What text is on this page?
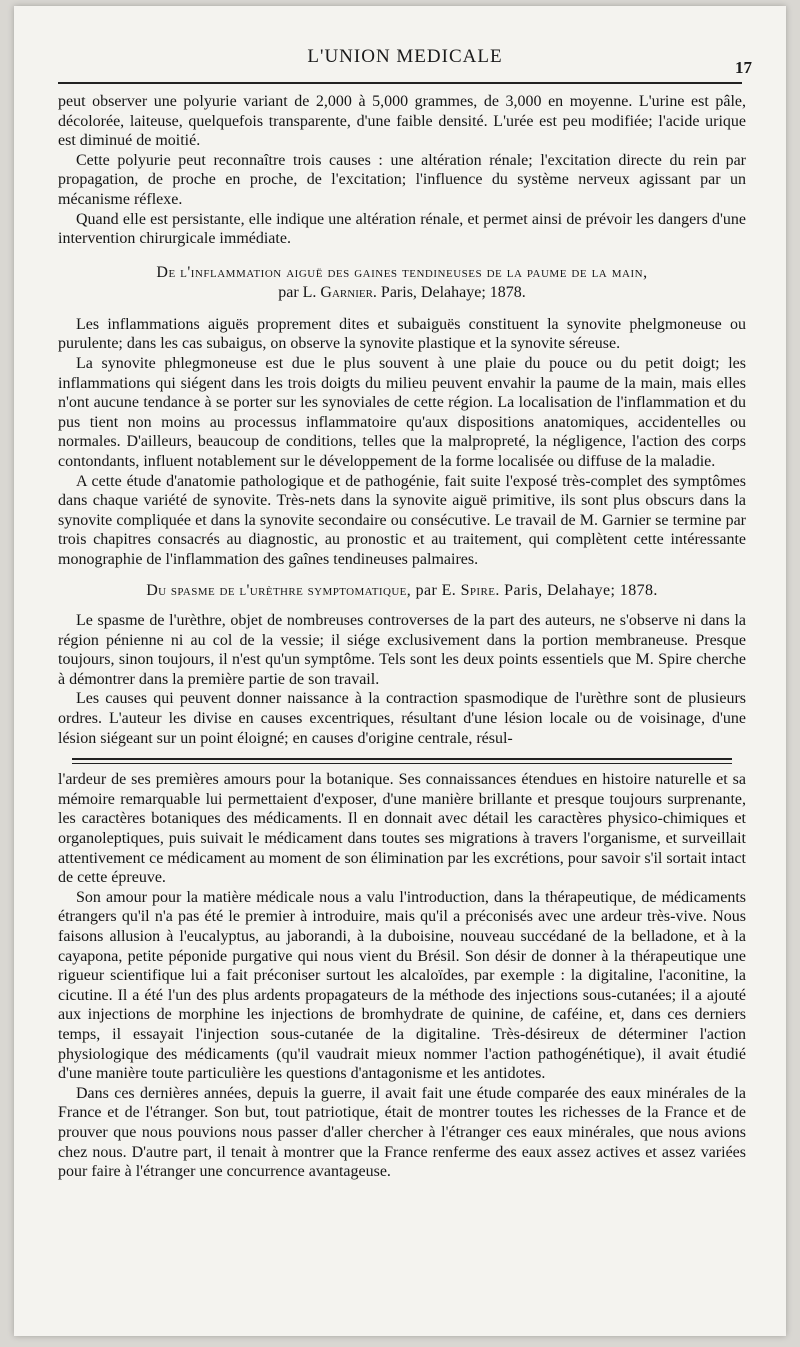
L'UNION MEDICALE
17

peut observer une polyurie variant de 2,000 à 5,000 grammes, de 3,000 en moyenne. L'urine est pâle, décolorée, laiteuse, quelquefois transparente, d'une faible densité. L'urée est peu modifiée; l'acide urique est diminué de moitié.

Cette polyurie peut reconnaître trois causes : une altération rénale; l'excitation directe du rein par propagation, de proche en proche, de l'excitation; l'influence du système nerveux agissant par un mécanisme réflexe.

Quand elle est persistante, elle indique une altération rénale, et permet ainsi de prévoir les dangers d'une intervention chirurgicale immédiate.

De l'inflammation aiguë des gaines tendineuses de la paume de la main,
par L. Garnier. Paris, Delahaye; 1878.

Les inflammations aiguës proprement dites et subaiguës constituent la synovite phelgmoneuse ou purulente; dans les cas subaigus, on observe la synovite plastique et la synovite séreuse.

La synovite phlegmoneuse est due le plus souvent à une plaie du pouce ou du petit doigt; les inflammations qui siégent dans les trois doigts du milieu peuvent envahir la paume de la main, mais elles n'ont aucune tendance à se porter sur les synoviales de cette région. La localisation de l'inflammation et du pus tient non moins au processus inflammatoire qu'aux dispositions anatomiques, accidentelles ou normales. D'ailleurs, beaucoup de conditions, telles que la malpropreté, la négligence, l'action des corps contondants, influent notablement sur le développement de la forme localisée ou diffuse de la maladie.

A cette étude d'anatomie pathologique et de pathogénie, fait suite l'exposé très-complet des symptômes dans chaque variété de synovite. Très-nets dans la synovite aiguë primitive, ils sont plus obscurs dans la synovite compliquée et dans la synovite secondaire ou consécutive. Le travail de M. Garnier se termine par trois chapitres consacrés au diagnostic, au pronostic et au traitement, qui complètent cette intéressante monographie de l'inflammation des gaînes tendineuses palmaires.

Du spasme de l'urèthre symptomatique, par E. Spire. Paris, Delahaye; 1878.

Le spasme de l'urèthre, objet de nombreuses controverses de la part des auteurs, ne s'observe ni dans la région pénienne ni au col de la vessie; il siége exclusivement dans la portion membraneuse. Presque toujours, sinon toujours, il n'est qu'un symptôme. Tels sont les deux points essentiels que M. Spire cherche à démontrer dans la première partie de son travail.

Les causes qui peuvent donner naissance à la contraction spasmodique de l'urèthre sont de plusieurs ordres. L'auteur les divise en causes excentriques, résultant d'une lésion locale ou de voisinage, d'une lésion siégeant sur un point éloigné; en causes d'origine centrale, résul-

l'ardeur de ses premières amours pour la botanique. Ses connaissances étendues en histoire naturelle et sa mémoire remarquable lui permettaient d'exposer, d'une manière brillante et presque toujours surprenante, les caractères botaniques des médicaments. Il en donnait avec détail les caractères physico-chimiques et organoleptiques, puis suivait le médicament dans toutes ses migrations à travers l'organisme, et surveillait attentivement ce médicament au moment de son élimination par les excrétions, pour savoir s'il sortait intact de cette épreuve.

Son amour pour la matière médicale nous a valu l'introduction, dans la thérapeutique, de médicaments étrangers qu'il n'a pas été le premier à introduire, mais qu'il a préconisés avec une ardeur très-vive. Nous faisons allusion à l'eucalyptus, au jaborandi, à la duboisine, nouveau succédané de la belladone, et à la cayapona, petite péponide purgative qui nous vient du Brésil. Son désir de donner à la thérapeutique une rigueur scientifique lui a fait préconiser surtout les alcaloïdes, par exemple : la digitaline, l'aconitine, la cicutine. Il a été l'un des plus ardents propagateurs de la méthode des injections sous-cutanées; il a ajouté aux injections de morphine les injections de bromhydrate de quinine, de caféine, et, dans ces derniers temps, il essayait l'injection sous-cutanée de la digitaline. Très-désireux de déterminer l'action physiologique des médicaments (qu'il vaudrait mieux nommer l'action pathogénétique), il avait étudié d'une manière toute particulière les questions d'antagonisme et les antidotes.

Dans ces dernières années, depuis la guerre, il avait fait une étude comparée des eaux minérales de la France et de l'étranger. Son but, tout patriotique, était de montrer toutes les richesses de la France et de prouver que nous pouvions nous passer d'aller chercher à l'étranger ces eaux minérales, que nous avions chez nous. D'autre part, il tenait à montrer que la France renferme des eaux assez actives et assez variées pour faire à l'étranger une concurrence avantageuse.
